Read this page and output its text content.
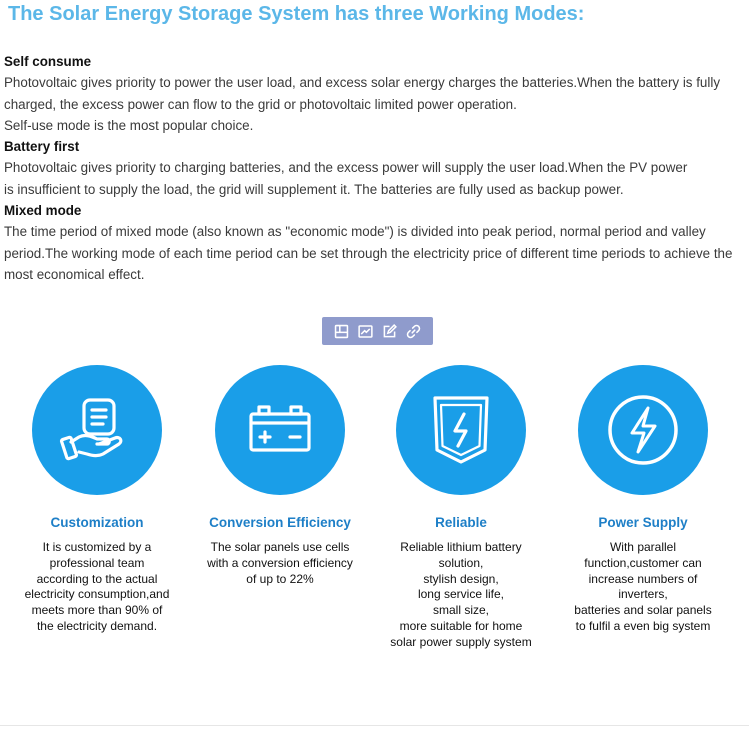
The Solar Energy Storage System has three Working Modes:
Self consume
Photovoltaic gives priority to power the user load, and excess solar energy charges the batteries.When the battery is fully charged, the excess power can flow to the grid or photovoltaic limited power operation.
Self-use mode is the most popular choice.
Battery first
Photovoltaic gives priority to charging batteries, and the excess power will supply the user load.When the PV power
is insufficient to supply the load, the grid will supplement it. The batteries are fully used as backup power.
Mixed mode
The time period of mixed mode (also known as "economic mode") is divided into peak period, normal period and valley period.The working mode of each time period can be set through the electricity price of different time periods to achieve the most economical effect.
Customization
It is customized by a professional team according to the actual electricity consumption,and meets more than 90% of the electricity demand.
Conversion Efficiency
The solar panels use cells with a conversion efficiency of up to 22%
Reliable
Reliable lithium battery solution,
stylish design,
long service life,
small size,
more suitable for home solar power supply system
Power Supply
With parallel function,customer can increase numbers of inverters,
batteries and solar panels to fulfil a even big system
